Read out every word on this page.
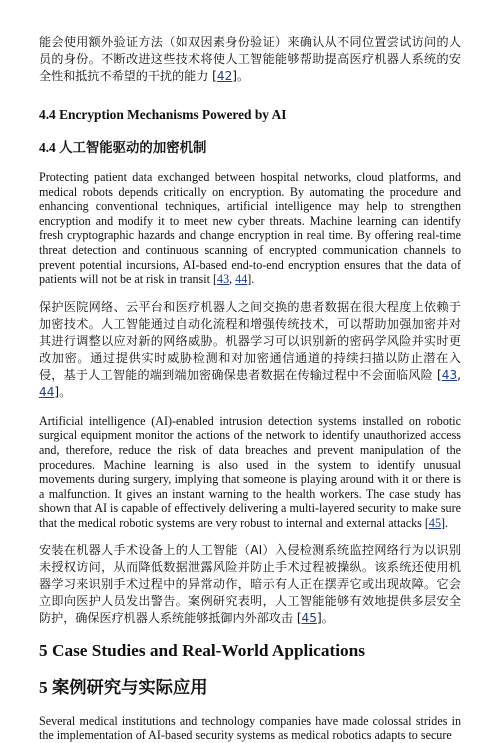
能会使用额外验证方法（如双因素身份验证）来确认从不同位置尝试访问的人员的身份。不断改进这些技术将使人工智能能够帮助提高医疗机器人系统的安全性和抵抗不希望的干扰的能力 [42]。

4.4 Encryption Mechanisms Powered by AI
4.4 人工智能驱动的加密机制

Protecting patient data exchanged between hospital networks, cloud platforms, and medical robots depends critically on encryption. By automating the procedure and enhancing conventional techniques, artificial intelligence may help to strengthen encryption and modify it to meet new cyber threats. Machine learning can identify fresh cryptographic hazards and change encryption in real time. By offering real-time threat detection and continuous scanning of encrypted communication channels to prevent potential incursions, AI-based end-to-end encryption ensures that the data of patients will not be at risk in transit [43, 44].

保护医院网络、云平台和医疗机器人之间交换的患者数据在很大程度上依赖于加密技术。人工智能通过自动化流程和增强传统技术，可以帮助加强加密并对其进行调整以应对新的网络威胁。机器学习可以识别新的密码学风险并实时更改加密。通过提供实时威胁检测和对加密通信通道的持续扫描以防止潜在入侵，基于人工智能的端到端加密确保患者数据在传输过程中不会面临风险 [43, 44]。

Artificial intelligence (AI)-enabled intrusion detection systems installed on robotic surgical equipment monitor the actions of the network to identify unauthorized access and, therefore, reduce the risk of data breaches and prevent manipulation of the procedures. Machine learning is also used in the system to identify unusual movements during surgery, implying that someone is playing around with it or there is a malfunction. It gives an instant warning to the health workers. The case study has shown that AI is capable of effectively delivering a multi-layered security to make sure that the medical robotic systems are very robust to internal and external attacks [45].

安装在机器人手术设备上的人工智能（AI）入侵检测系统监控网络行为以识别未授权访问，从而降低数据泄露风险并防止手术过程被操纵。该系统还使用机器学习来识别手术过程中的异常动作，暗示有人正在摆弄它或出现故障。它会立即向医护人员发出警告。案例研究表明，人工智能能够有效地提供多层安全防护，确保医疗机器人系统能够抵御内外部攻击 [45]。

5 Case Studies and Real-World Applications
5 案例研究与实际应用

Several medical institutions and technology companies have made colossal strides in the implementation of AI-based security systems as medical robotics adapts to secure
